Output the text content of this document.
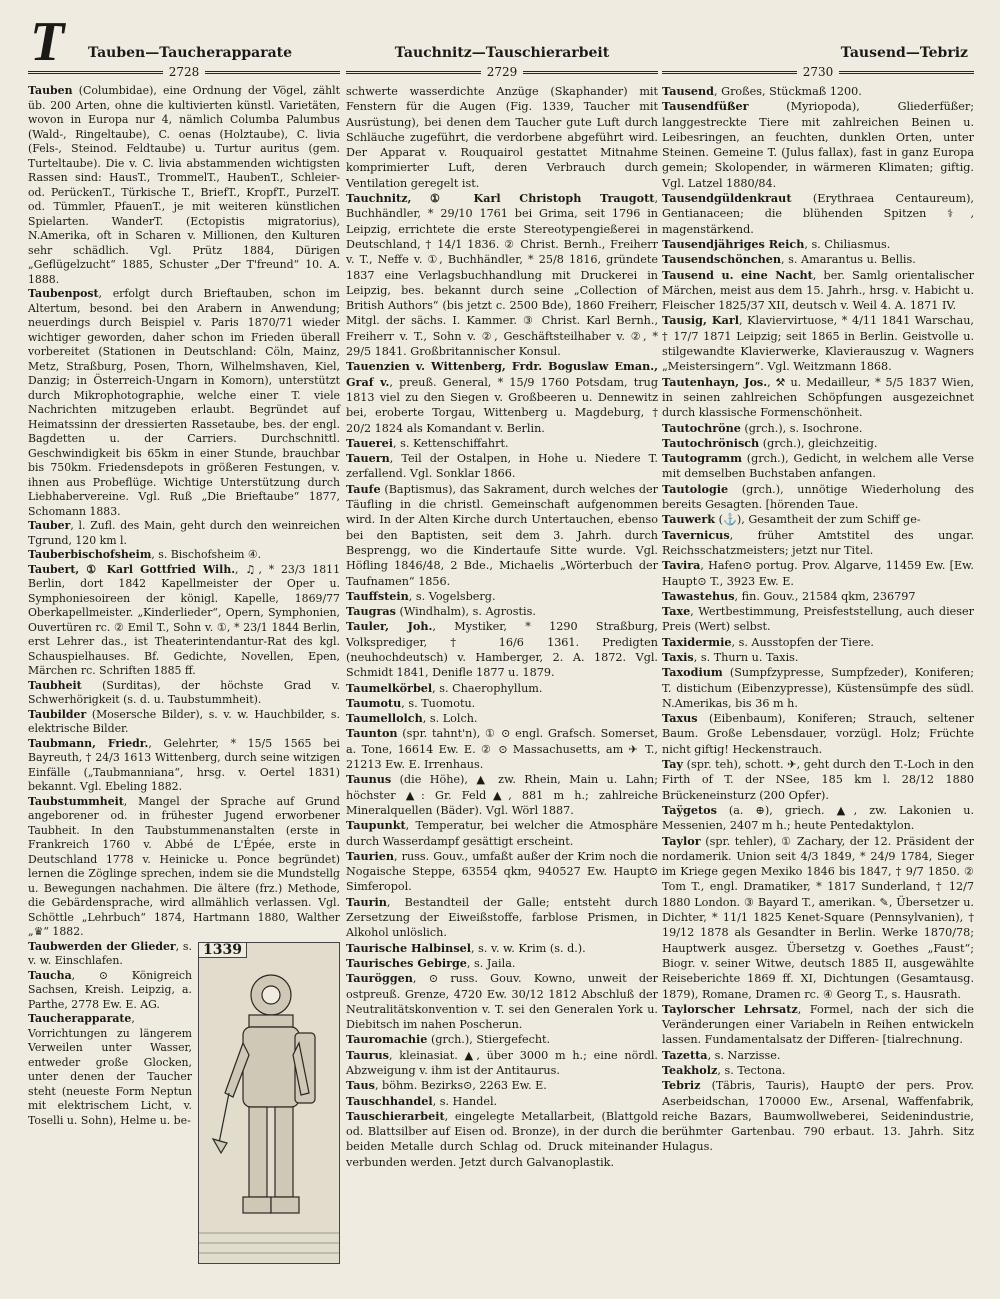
T	Tauben—Taucherapparate
2728

Tauben (Columbidae), eine Ordnung der Vögel, zählt üb. 200 Arten, ohne die kultivierten künstl. Varietäten, wovon in Europa nur 4, nämlich Columba Palumbus (Wald-, Ringeltaube), C. oenas (Holztaube), C. livia (Fels-, Steinod. Feldtaube) u. Turtur auritus (gem. Turteltaube). Die v. C. livia abstammenden wichtigsten Rassen sind: HausT., TrommelT., HaubenT., Schleier- od. PerückenT., Türkische T., BriefT., KropfT., PurzelT. od. Tümmler, PfauenT., je mit weiteren künstlichen Spielarten. WanderT. (Ectopistis migratorius), N.Amerika, oft in Scharen v. Millionen, den Kulturen sehr schädlich. Vgl. Prütz 1884, Dürigen „Geflügelzucht“ 1885, Schuster „Der T'freund“ 10. A. 1888.

Taubenpost, erfolgt durch Brieftauben, schon im Altertum, besond. bei den Arabern in Anwendung; neuerdings durch Beispiel v. Paris 1870/71 wieder wichtiger geworden, daher schon im Frieden überall vorbereitet (Stationen in Deutschland: Cöln, Mainz, Metz, Straßburg, Posen, Thorn, Wilhelmshaven, Kiel, Danzig; in Österreich-Ungarn in Komorn), unterstützt durch Mikrophotographie, welche einer T. viele Nachrichten mitzugeben erlaubt. Begründet auf Heimatssinn der dressierten Rassetaube, bes. der engl. Bagdetten u. der Carriers. Durchschnittl. Geschwindigkeit bis 65km in einer Stunde, brauchbar bis 750km. Friedensdepots in größeren Festungen, v. ihnen aus Probeflüge. Wichtige Unterstützung durch Liebhabervereine. Vgl. Ruß „Die Brieftaube“ 1877, Schomann 1883.

Tauber, l. Zufl. des Main, geht durch den weinreichen Tgrund, 120 km l.

Tauberbischofsheim, s. Bischofsheim ④.

Taubert, ① Karl Gottfried Wilh., ♫, * 23/3 1811 Berlin, dort 1842 Kapellmeister der Oper u. Symphoniesoireen der königl. Kapelle, 1869/77 Oberkapellmeister. „Kinderlieder“, Opern, Symphonien, Ouvertüren rc. ② Emil T., Sohn v. ①, * 23/1 1844 Berlin, erst Lehrer das., ist Theaterintendantur-Rat des kgl. Schauspielhauses. Bf. Gedichte, Novellen, Epen, Märchen rc. Schriften 1885 ff.

Taubheit (Surditas), der höchste Grad v. Schwerhörigkeit (s. d. u. Taubstummheit).

Taubilder (Mosersche Bilder), s. v. w. Hauchbilder, s. elektrische Bilder.

Taubmann, Friedr., Gelehrter, * 15/5 1565 bei Bayreuth, † 24/3 1613 Wittenberg, durch seine witzigen Einfälle („Taubmanniana“, hrsg. v. Oertel 1831) bekannt. Vgl. Ebeling 1882.

Taubstummheit, Mangel der Sprache auf Grund angeborener od. in frühester Jugend erworbener Taubheit. In den Taubstummenanstalten (erste in Frankreich 1760 v. Abbé de L'Épée, erste in Deutschland 1778 v. Heinicke u. Ponce begründet) lernen die Zöglinge sprechen, indem sie die Mundstellg u. Bewegungen nachahmen. Die ältere (frz.) Methode, die Gebärdensprache, wird allmählich verlassen. Vgl. Schöttle „Lehrbuch“ 1874, Hartmann 1880, Walther „♛“ 1882.

1339
Taubwerden der Glieder, s. v. w. Einschlafen.

Taucha, ⊙ Königreich Sachsen, Kreish. Leipzig, a. Parthe, 2778 Ew. E. AG.

Taucherapparate, Vorrichtungen zu längerem Verweilen unter Wasser, entweder große Glocken, unter denen der Taucher steht (neueste Form Neptun mit elektrischem Licht, v. Toselli u. Sohn), Helme u. be-

Tauchnitz—Tauschierarbeit
2729

schwerte wasserdichte Anzüge (Skaphander) mit Fenstern für die Augen (Fig. 1339, Taucher mit Ausrüstung), bei denen dem Taucher gute Luft durch Schläuche zugeführt, die verdorbene abgeführt wird. Der Apparat v. Rouquairol gestattet Mitnahme komprimierter Luft, deren Verbrauch durch Ventilation geregelt ist.

Tauchnitz, ① Karl Christoph Traugott, Buchhändler, * 29/10 1761 bei Grima, seit 1796 in Leipzig, errichtete die erste Stereotypengießerei in Deutschland, † 14/1 1836. ② Christ. Bernh., Freiherr v. T., Neffe v. ①, Buchhändler, * 25/8 1816, gründete 1837 eine Verlagsbuchhandlung mit Druckerei in Leipzig, bes. bekannt durch seine „Collection of British Authors“ (bis jetzt c. 2500 Bde), 1860 Freiherr, Mitgl. der sächs. I. Kammer. ③ Christ. Karl Bernh., Freiherr v. T., Sohn v. ②, Geschäftsteilhaber v. ②, * 29/5 1841. Großbritannischer Konsul.

Tauenzien v. Wittenberg, Frdr. Boguslaw Eman., Graf v., preuß. General, * 15/9 1760 Potsdam, trug 1813 viel zu den Siegen v. Großbeeren u. Dennewitz bei, eroberte Torgau, Wittenberg u. Magdeburg, † 20/2 1824 als Komandant v. Berlin.

Tauerei, s. Kettenschiffahrt.

Tauern, Teil der Ostalpen, in Hohe u. Niedere T. zerfallend. Vgl. Sonklar 1866.

Taufe (Baptismus), das Sakrament, durch welches der Täufling in die christl. Gemeinschaft aufgenommen wird. In der Alten Kirche durch Untertauchen, ebenso bei den Baptisten, seit dem 3. Jahrh. durch Besprengg, wo die Kindertaufe Sitte wurde. Vgl. Höfling 1846/48, 2 Bde., Michaelis „Wörterbuch der Taufnamen“ 1856.

Tauffstein, s. Vogelsberg.

Taugras (Windhalm), s. Agrostis.

Tauler, Joh., Mystiker, * 1290 Straßburg, Volksprediger, † 16/6 1361. Predigten (neuhochdeutsch) v. Hamberger, 2. A. 1872. Vgl. Schmidt 1841, Denifle 1877 u. 1879.

Taumelkörbel, s. Chaerophyllum.

Taumotu, s. Tuomotu.

Taumellolch, s. Lolch.

Taunton (spr. tahnt'n), ① ⊙ engl. Grafsch. Somerset, a. Tone, 16614 Ew. E. ② ⊙ Massachusetts, am ✈ T., 21213 Ew. E. Irrenhaus.

Taunus (die Höhe), ▲ zw. Rhein, Main u. Lahn; höchster ▲: Gr. Feld▲, 881 m h.; zahlreiche Mineralquellen (Bäder). Vgl. Wörl 1887.

Taupunkt, Temperatur, bei welcher die Atmosphäre durch Wasserdampf gesättigt erscheint.

Taurien, russ. Gouv., umfaßt außer der Krim noch die Nogaische Steppe, 63554 qkm, 940527 Ew. Haupt⊙ Simferopol.

Taurin, Bestandteil der Galle; entsteht durch Zersetzung der Eiweißstoffe, farblose Prismen, in Alkohol unlöslich.

Taurische Halbinsel, s. v. w. Krim (s. d.).

Taurisches Gebirge, s. Jaila.

Tauröggen, ⊙ russ. Gouv. Kowno, unweit der ostpreuß. Grenze, 4720 Ew. 30/12 1812 Abschluß der Neutralitätskonvention v. T. sei den Generalen York u. Diebitsch im nahen Poscherun.

Tauromachie (grch.), Stiergefecht.

Taurus, kleinasiat. ▲, über 3000 m h.; eine nördl. Abzweigung v. ihm ist der Antitaurus.

Taus, böhm. Bezirks⊙, 2263 Ew. E.

Tauschhandel, s. Handel.

Tauschierarbeit, eingelegte Metallarbeit, (Blattgold od. Blattsilber auf Eisen od. Bronze), in der durch die beiden Metalle durch Schlag od. Druck miteinander verbunden werden. Jetzt durch Galvanoplastik.

Tausend—Tebriz
2730

Tausend, Großes, Stückmaß 1200.

Tausendfüßer (Myriopoda), Gliederfüßer; langgestreckte Tiere mit zahlreichen Beinen u. Leibesringen, an feuchten, dunklen Orten, unter Steinen. Gemeine T. (Julus fallax), fast in ganz Europa gemein; Skolopender, in wärmeren Klimaten; giftig. Vgl. Latzel 1880/84.

Tausendgüldenkraut (Erythraea Centaureum), Gentianaceen; die blühenden Spitzen ⚕, magenstärkend.

Tausendjähriges Reich, s. Chiliasmus.

Tausendschönchen, s. Amarantus u. Bellis.

Tausend u. eine Nacht, ber. Samlg orientalischer Märchen, meist aus dem 15. Jahrh., hrsg. v. Habicht u. Fleischer 1825/37 XII, deutsch v. Weil 4. A. 1871 IV.

Tausig, Karl, Klaviervirtuose, * 4/11 1841 Warschau, † 17/7 1871 Leipzig; seit 1865 in Berlin. Geistvolle u. stilgewandte Klavierwerke, Klavierauszug v. Wagners „Meistersingern“. Vgl. Weitzmann 1868.

Tautenhayn, Jos., ⚒ u. Medailleur, * 5/5 1837 Wien, in seinen zahlreichen Schöpfungen ausgezeichnet durch klassische Formenschönheit.

Tautochröne (grch.), s. Isochrone.

Tautochrönisch (grch.), gleichzeitig.

Tautogramm (grch.), Gedicht, in welchem alle Verse mit demselben Buchstaben anfangen.

Tautologie (grch.), unnötige Wiederholung des bereits Gesagten. [hörenden Taue.

Tauwerk (⚓), Gesamtheit der zum Schiff ge-

Tavernicus, früher Amtstitel des ungar. Reichsschatzmeisters; jetzt nur Titel.

Tavira, Hafen⊙ portug. Prov. Algarve, 11459 Ew. [Ew. Haupt⊙ T., 3923 Ew. E.

Tawastehus, fin. Gouv., 21584 qkm, 236797

Taxe, Wertbestimmung, Preisfeststellung, auch dieser Preis (Wert) selbst.

Taxidermie, s. Ausstopfen der Tiere.

Taxis, s. Thurn u. Taxis.

Taxodium (Sumpfzypresse, Sumpfzeder), Koniferen; T. distichum (Eibenzypresse), Küstensümpfe des südl. N.Amerikas, bis 36 m h.

Taxus (Eibenbaum), Koniferen; Strauch, seltener Baum. Große Lebensdauer, vorzügl. Holz; Früchte nicht giftig! Heckenstrauch.

Tay (spr. teh), schott. ✈, geht durch den T.-Loch in den Firth of T. der NSee, 185 km l. 28/12 1880 Brückeneinsturz (200 Opfer).

Taÿgetos (a. ⊕), griech. ▲, zw. Lakonien u. Messenien, 2407 m h.; heute Pentedaktylon.

Taylor (spr. tehler), ① Zachary, der 12. Präsident der nordamerik. Union seit 4/3 1849, * 24/9 1784, Sieger im Kriege gegen Mexiko 1846 bis 1847, † 9/7 1850. ② Tom T., engl. Dramatiker, * 1817 Sunderland, † 12/7 1880 London. ③ Bayard T., amerikan. ✎, Übersetzer u. Dichter, * 11/1 1825 Kenet-Square (Pennsylvanien), † 19/12 1878 als Gesandter in Berlin. Werke 1870/78; Hauptwerk ausgez. Übersetzg v. Goethes „Faust“; Biogr. v. seiner Witwe, deutsch 1885 II, ausgewählte Reiseberichte 1869 ff. XI, Dichtungen (Gesamtausg. 1879), Romane, Dramen rc. ④ Georg T., s. Hausrath.

Taylorscher Lehrsatz, Formel, nach der sich die Veränderungen einer Variabeln in Reihen entwickeln lassen. Fundamentalsatz der Differen- [tialrechnung.

Tazetta, s. Narzisse.

Teakholz, s. Tectona.

Tebriz (Täbris, Tauris), Haupt⊙ der pers. Prov. Aserbeidschan, 170000 Ew., Arsenal, Waffenfabrik, reiche Bazars, Baumwollweberei, Seidenindustrie, berühmter Gartenbau. 790 erbaut. 13. Jahrh. Sitz Hulagus.
